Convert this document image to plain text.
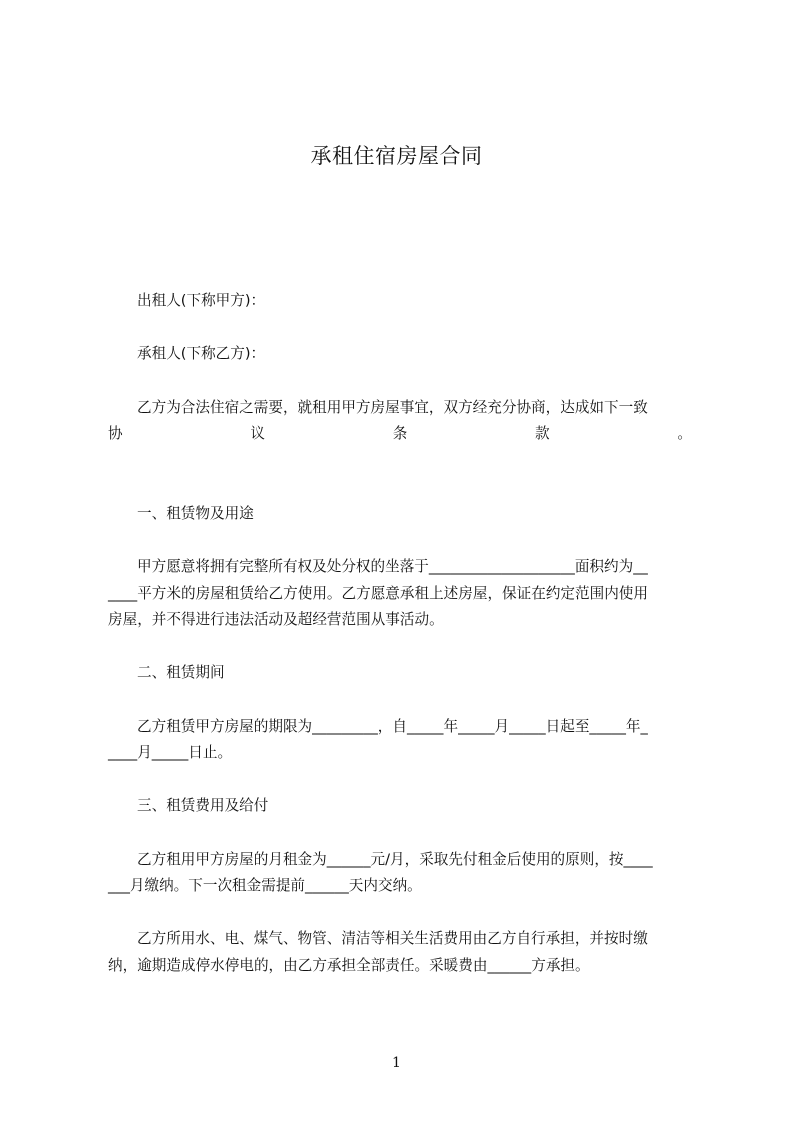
承租住宿房屋合同
出租人(下称甲方)：
承租人(下称乙方)：
乙方为合法住宿之需要，就租用甲方房屋事宜，双方经充分协商，达成如下一致
协	议	条	款	。
一、租赁物及用途
甲方愿意将拥有完整所有权及处分权的坐落于____________________面积约为__
____平方米的房屋租赁给乙方使用。乙方愿意承租上述房屋，保证在约定范围内使用
房屋，并不得进行违法活动及超经营范围从事活动。
二、租赁期间
乙方租赁甲方房屋的期限为_________，自_____年_____月_____日起至_____年_
____月_____日止。
三、租赁费用及给付
乙方租用甲方房屋的月租金为______元/月，采取先付租金后使用的原则，按____
___月缴纳。下一次租金需提前______天内交纳。
乙方所用水、电、煤气、物管、清洁等相关生活费用由乙方自行承担，并按时缴
纳，逾期造成停水停电的，由乙方承担全部责任。采暖费由______方承担。
1
